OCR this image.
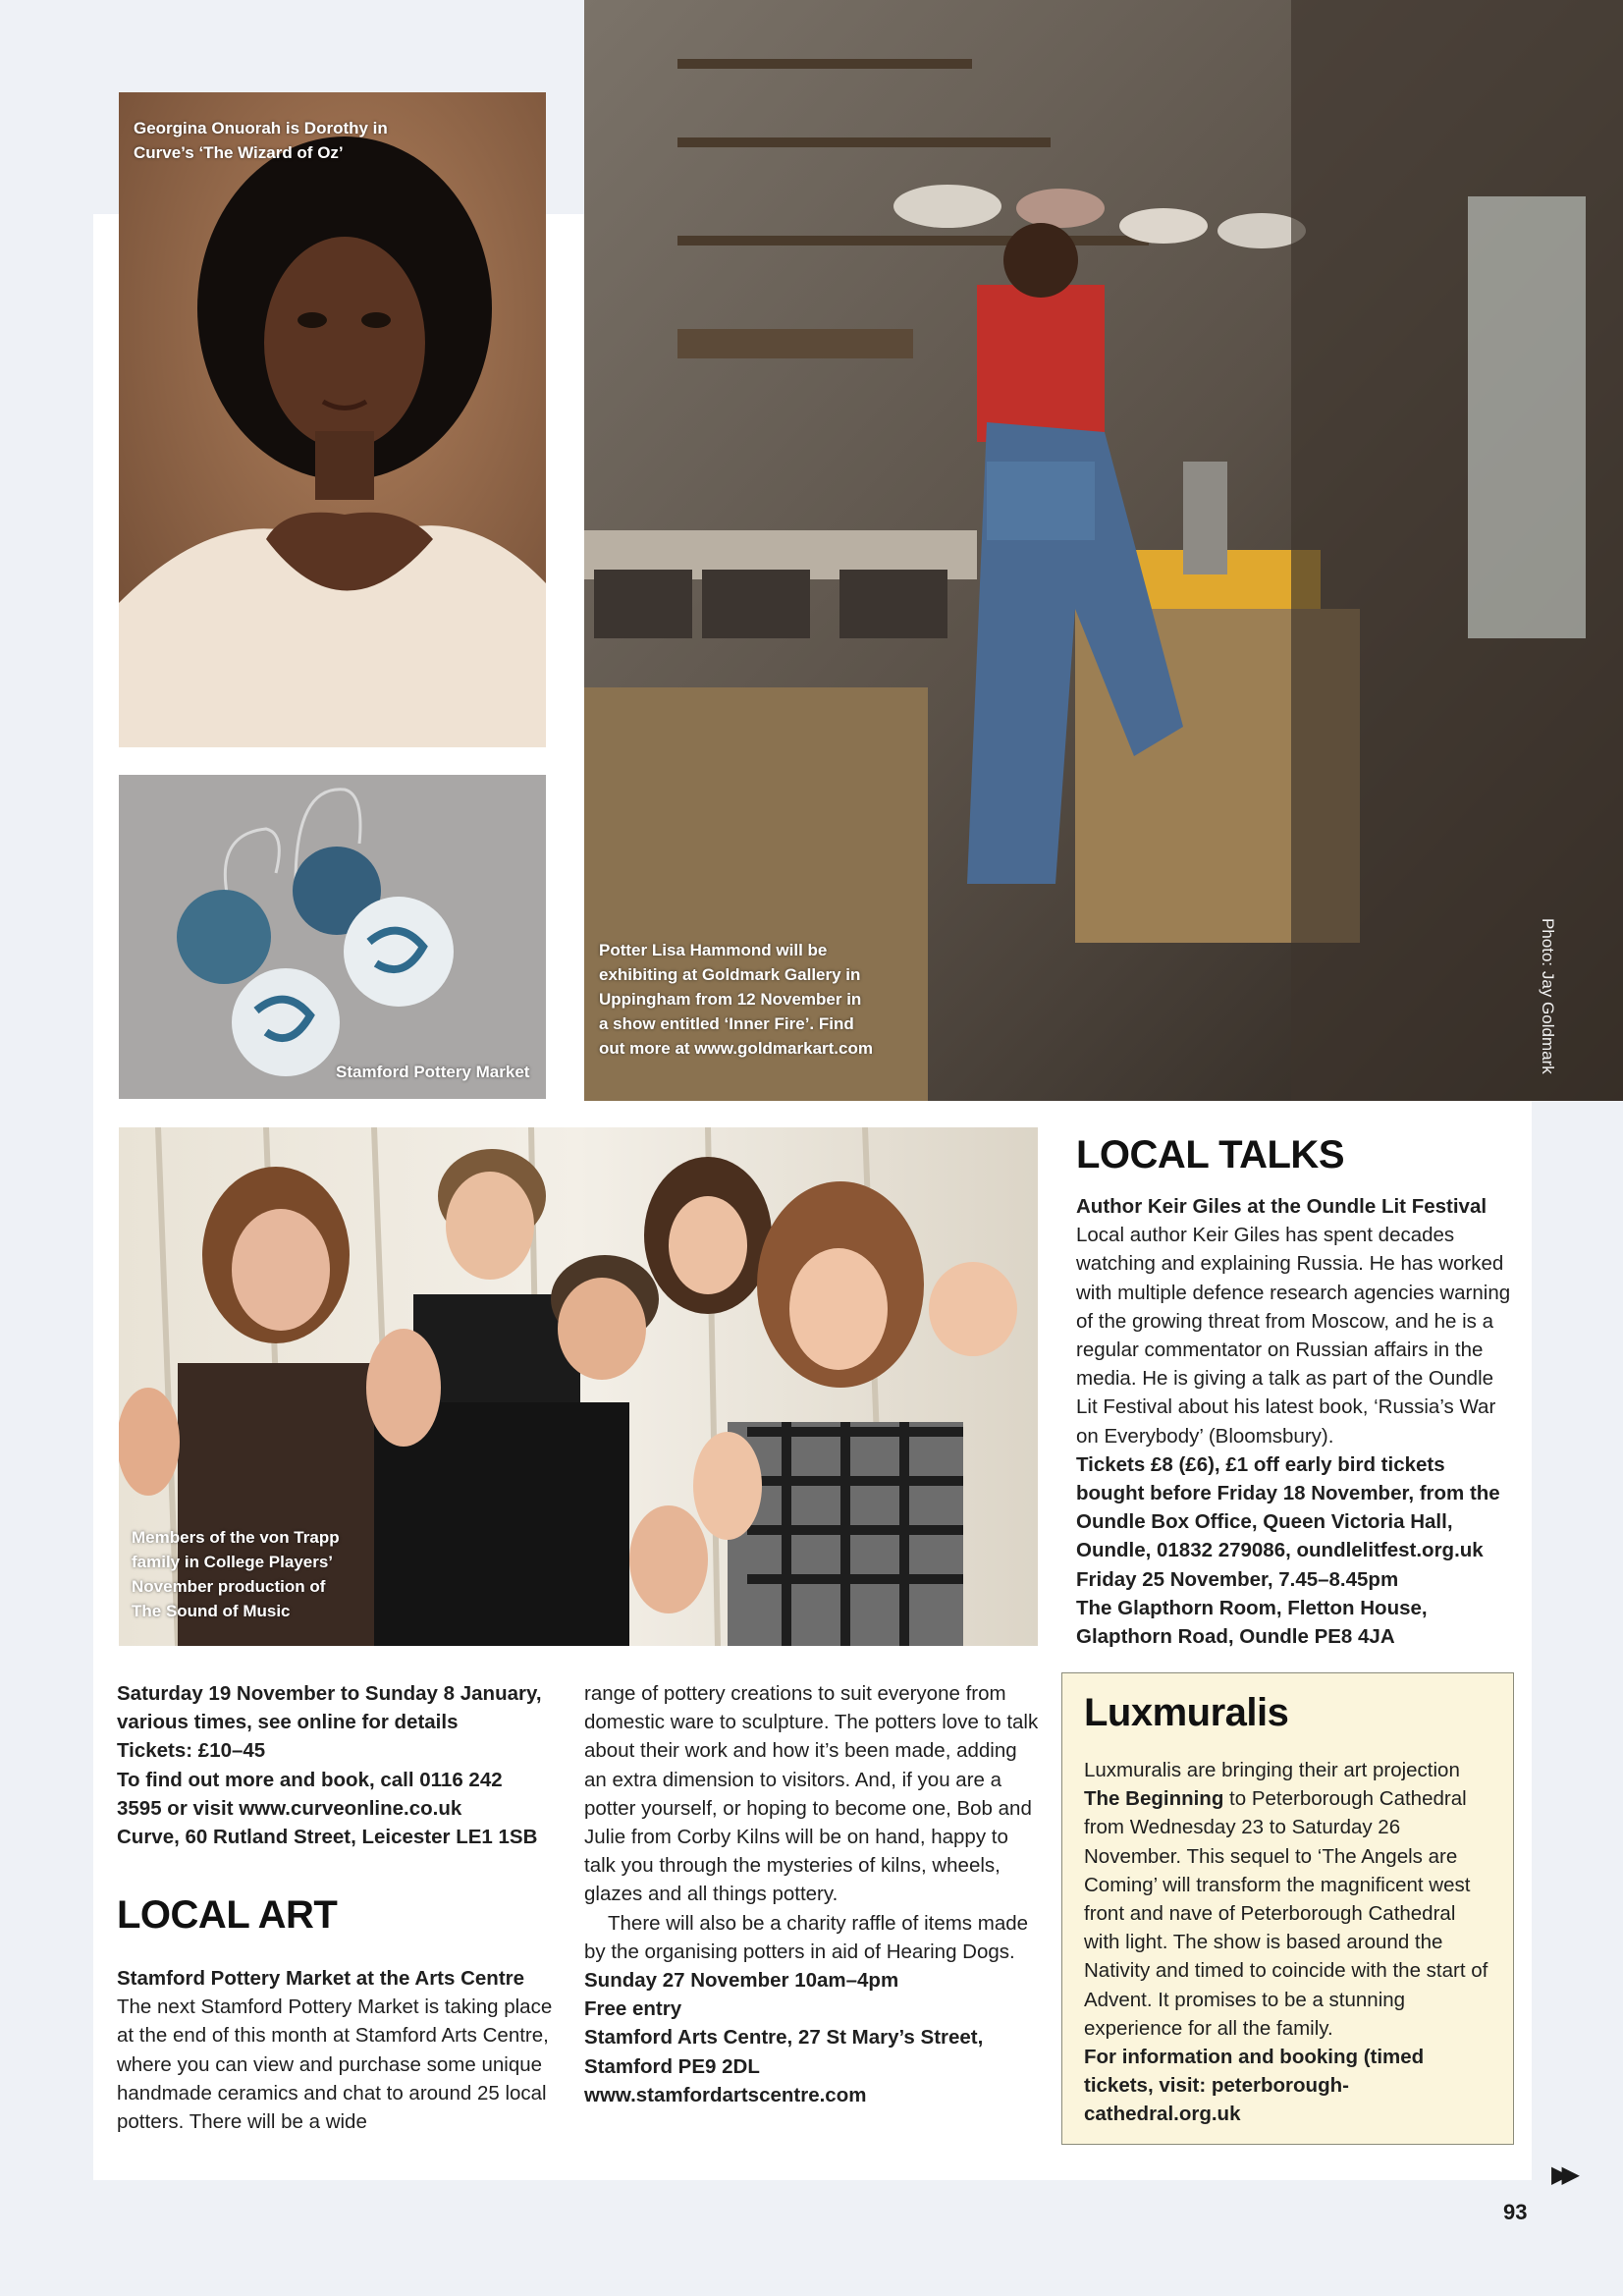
Georgina Onuorah is Dorothy in Curve’s ‘The Wizard of Oz’
Stamford Pottery Market
Potter Lisa Hammond will be exhibiting at Goldmark Gallery in Uppingham from 12 November in a show entitled ‘Inner Fire’. Find out more at www.goldmarkart.com	Photo: Jay Goldmark
Members of the von Trapp family in College Players’ November production of The Sound of Music

Saturday 19 November to Sunday 8 January, various times, see online for details

Tickets: £10–45

To find out more and book, call 0116 242 3595 or visit www.curveonline.co.uk

Curve, 60 Rutland Street, Leicester LE1 1SB

LOCAL ART

Stamford Pottery Market at the Arts Centre

The next Stamford Pottery Market is taking place at the end of this month at Stamford Arts Centre, where you can view and purchase some unique handmade ceramics and chat to around 25 local potters. There will be a wide

range of pottery creations to suit everyone from domestic ware to sculpture. The potters love to talk about their work and how it’s been made, adding an extra dimension to visitors. And, if you are a potter yourself, or hoping to become one, Bob and Julie from Corby Kilns will be on hand, happy to talk you through the mysteries of kilns, wheels, glazes and all things pottery.

There will also be a charity raffle of items made by the organising potters in aid of Hearing Dogs.

Sunday 27 November 10am–4pm

Free entry

Stamford Arts Centre, 27 St Mary’s Street, Stamford PE9 2DL

www.stamfordartscentre.com

LOCAL TALKS

Author Keir Giles at the Oundle Lit Festival

Local author Keir Giles has spent decades watching and explaining Russia. He has worked with multiple defence research agencies warning of the growing threat from Moscow, and he is a regular commentator on Russian affairs in the media. He is giving a talk as part of the Oundle Lit Festival about his latest book, ‘Russia’s War on Everybody’ (Bloomsbury).

Tickets £8 (£6), £1 off early bird tickets bought before Friday 18 November, from the Oundle Box Office, Queen Victoria Hall, Oundle, 01832 279086, oundlelitfest.org.uk

Friday 25 November, 7.45–8.45pm

The Glapthorn Room, Fletton House, Glapthorn Road, Oundle PE8 4JA

Luxmuralis

Luxmuralis are bringing their art projection The Beginning to Peterborough Cathedral from Wednesday 23 to Saturday 26 November. This sequel to ‘The Angels are Coming’ will transform the magnificent west front and nave of Peterborough Cathedral with light. The show is based around the Nativity and timed to coincide with the start of Advent. It promises to be a stunning experience for all the family.

For information and booking (timed tickets, visit: peterborough-cathedral.org.uk

▶▶
93
